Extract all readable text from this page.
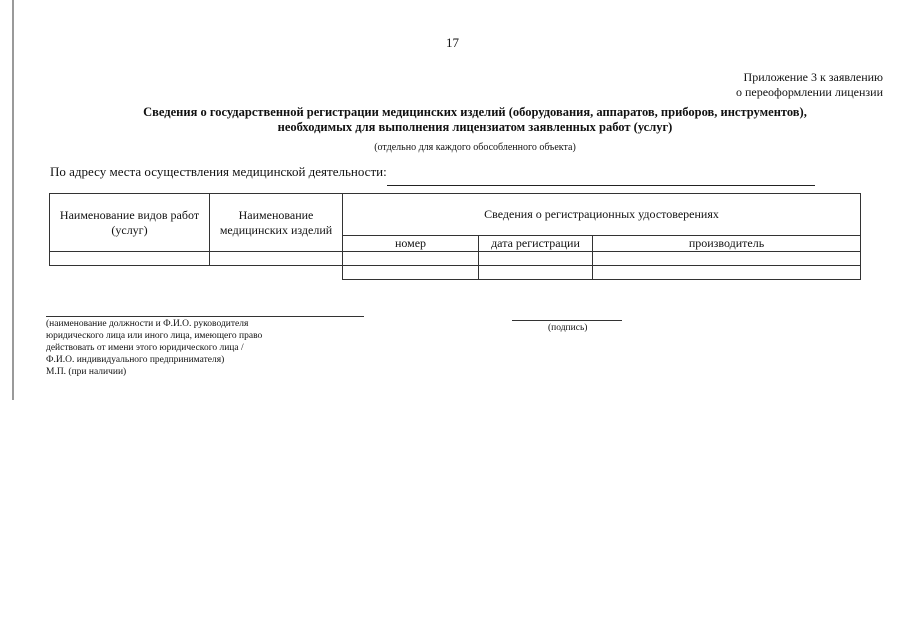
17
Приложение 3 к заявлению
о переоформлении лицензии
Сведения о государственной регистрации медицинских изделий (оборудования, аппаратов, приборов, инструментов),
необходимых для выполнения лицензиатом заявленных работ (услуг)
(отдельно для каждого обособленного объекта)
По адресу места осуществления медицинской деятельности:
Наименование видов работ (услуг)	Наименование медицинских изделий	Сведения о регистрационных удостоверениях		
		номер	дата регистрации	производитель

(наименование должности и Ф.И.О. руководителя
юридического лица или иного лица, имеющего право
действовать от имени этого юридического лица /
Ф.И.О. индивидуального предпринимателя)
М.П. (при наличии)
(подпись)
